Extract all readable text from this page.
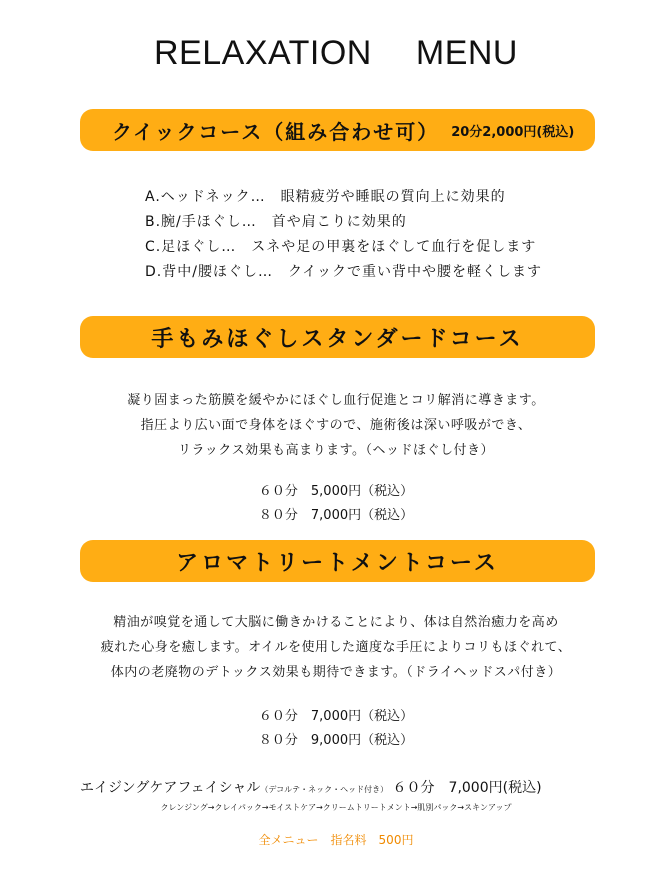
RELAXATION MENU
クイックコース（組み合わせ可） 20分2,000円(税込)
A.ヘッドネック…　眼精疲労や睡眠の質向上に効果的
B.腕/手ほぐし…　首や肩こりに効果的
C.足ほぐし…　スネや足の甲裏をほぐして血行を促します
D.背中/腰ほぐし…　クイックで重い背中や腰を軽くします
手もみほぐしスタンダードコース
凝り固まった筋膜を緩やかにほぐし血行促進とコリ解消に導きます。
指圧より広い面で身体をほぐすので、施術後は深い呼吸ができ、
リラックス効果も高まります。（ヘッドほぐし付き）
６０分　5,000円（税込）
８０分　7,000円（税込）
アロマトリートメントコース
精油が嗅覚を通して大脳に働きかけることにより、体は自然治癒力を高め
疲れた心身を癒します。オイルを使用した適度な手圧によりコリもほぐれて、
体内の老廃物のデトックス効果も期待できます。（ドライヘッドスパ付き）
６０分　7,000円（税込）
８０分　9,000円（税込）
エイジングケアフェイシャル（デコルテ・ネック・ヘッド付き） ６０分　7,000円(税込)
クレンジング→クレイパック→モイストケア→クリームトリートメント→肌別パック→スキンアップ
全メニュー　指名料　500円
